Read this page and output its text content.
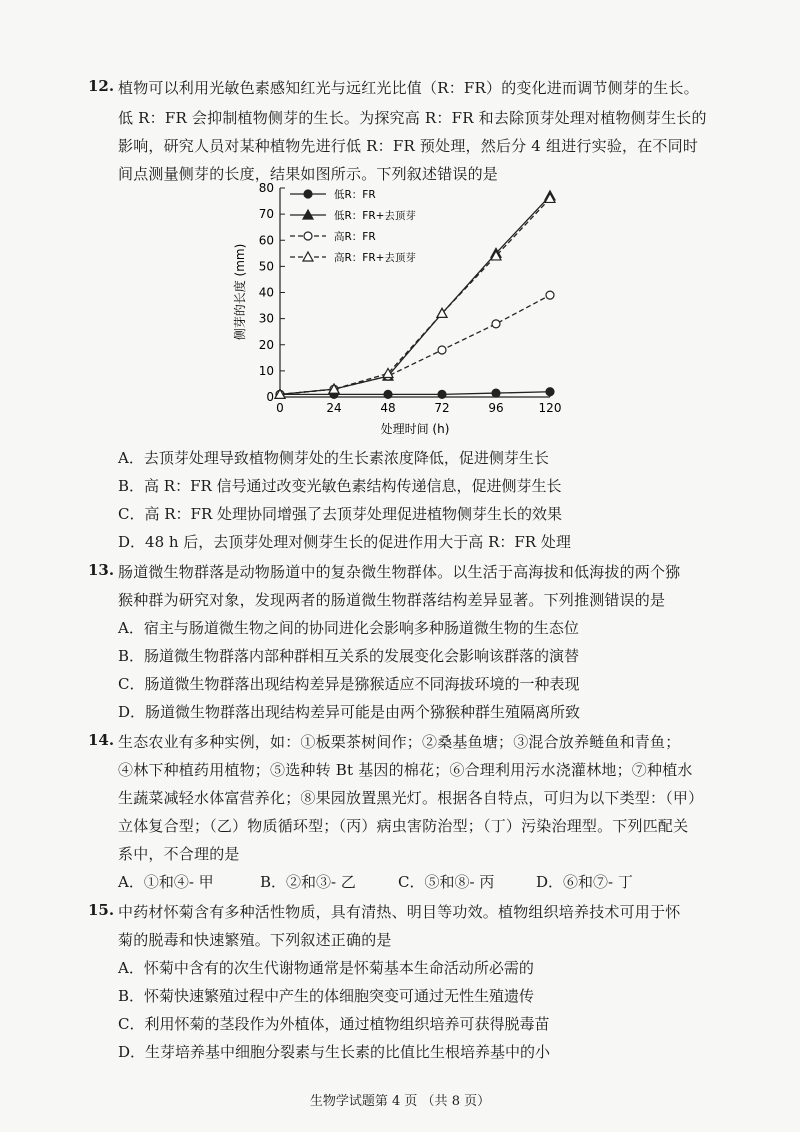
12. 植物可以利用光敏色素感知红光与远红光比值（R：FR）的变化进而调节侧芽的生长。
低 R：FR 会抑制植物侧芽的生长。为探究高 R：FR 和去除顶芽处理对植物侧芽生长的
影响，研究人员对某种植物先进行低 R：FR 预处理，然后分 4 组进行实验，在不同时
间点测量侧芽的长度，结果如图所示。下列叙述错误的是
侧芽的长度 (mm)
处理时间 (h)
0
10
20
30
40
50
60
70
80
0	24	48	72	96	120
低R：FR
低R：FR+去顶芽
高R：FR
高R：FR+去顶芽
A．去顶芽处理导致植物侧芽处的生长素浓度降低，促进侧芽生长
B．高 R：FR 信号通过改变光敏色素结构传递信息，促进侧芽生长
C．高 R：FR 处理协同增强了去顶芽处理促进植物侧芽生长的效果
D．48 h 后，去顶芽处理对侧芽生长的促进作用大于高 R：FR 处理
13. 肠道微生物群落是动物肠道中的复杂微生物群体。以生活于高海拔和低海拔的两个猕
猴种群为研究对象，发现两者的肠道微生物群落结构差异显著。下列推测错误的是
A．宿主与肠道微生物之间的协同进化会影响多种肠道微生物的生态位
B．肠道微生物群落内部种群相互关系的发展变化会影响该群落的演替
C．肠道微生物群落出现结构差异是猕猴适应不同海拔环境的一种表现
D．肠道微生物群落出现结构差异可能是由两个猕猴种群生殖隔离所致
14. 生态农业有多种实例，如：①板栗茶树间作；②桑基鱼塘；③混合放养鲢鱼和青鱼；
④林下种植药用植物；⑤选种转 Bt 基因的棉花；⑥合理利用污水浇灌林地；⑦种植水
生蔬菜减轻水体富营养化；⑧果园放置黑光灯。根据各自特点，可归为以下类型：（甲）
立体复合型；（乙）物质循环型；（丙）病虫害防治型；（丁）污染治理型。下列匹配关
系中，不合理的是
A．①和④- 甲	B．②和③- 乙	C．⑤和⑧- 丙	D．⑥和⑦- 丁
15. 中药材怀菊含有多种活性物质，具有清热、明目等功效。植物组织培养技术可用于怀
菊的脱毒和快速繁殖。下列叙述正确的是
A．怀菊中含有的次生代谢物通常是怀菊基本生命活动所必需的
B．怀菊快速繁殖过程中产生的体细胞突变可通过无性生殖遗传
C．利用怀菊的茎段作为外植体，通过植物组织培养可获得脱毒苗
D．生芽培养基中细胞分裂素与生长素的比值比生根培养基中的小
生物学试题第 4 页 （共 8 页）
